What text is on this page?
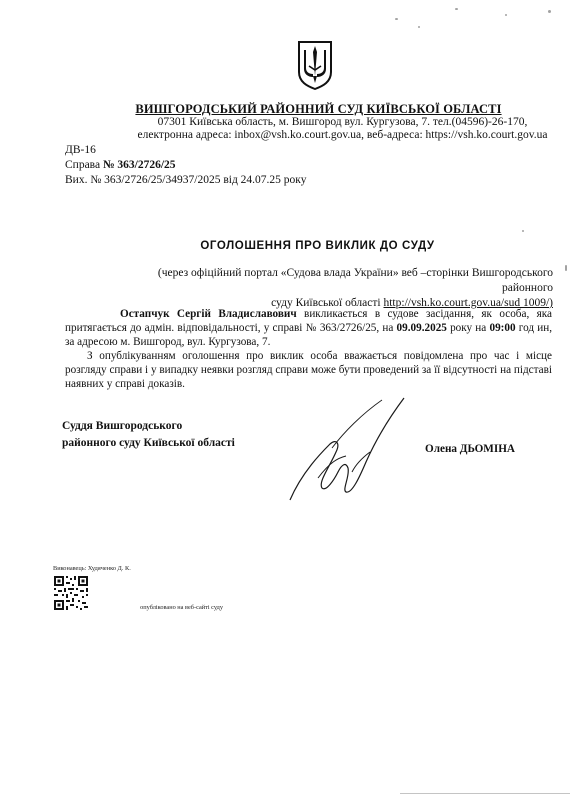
ВИШГОРОДСЬКИЙ РАЙОННИЙ СУД КИЇВСЬКОЇ ОБЛАСТІ
07301 Київська область, м. Вишгород вул. Кургузова, 7. тел.(04596)-26-170,
електронна адреса: inbox@vsh.ko.court.gov.ua, веб-адреса: https://vsh.ko.court.gov.ua
ДВ-16
Справа № 363/2726/25
Вих. № 363/2726/25/34937/2025 від 24.07.25 року
ОГОЛОШЕННЯ ПРО ВИКЛИК ДО СУДУ
(через офіційний портал «Судова влада України» веб –сторінки Вишгородського районного
суду Київської області http://vsh.ko.court.gov.ua/sud 1009/)
Остапчук Сергій Владиславович викликається в судове засідання, як особа, яка притягається до адмін. відповідальності, у справі № 363/2726/25, на 09.09.2025 року на 09:00 год ин, за адресою м. Вишгород, вул. Кургузова, 7.
З опублікуванням оголошення про виклик особа вважається повідомлена про час і місце розгляду справи і у випадку неявки розгляд справи може бути проведений за її відсутності на підставі наявних у справі доказів.
Суддя Вишгородського
районного суду Київської області	Олена ДЬОМІНА
Виконавець: Худяченко Д. К.
опубліковано на веб-сайті суду
